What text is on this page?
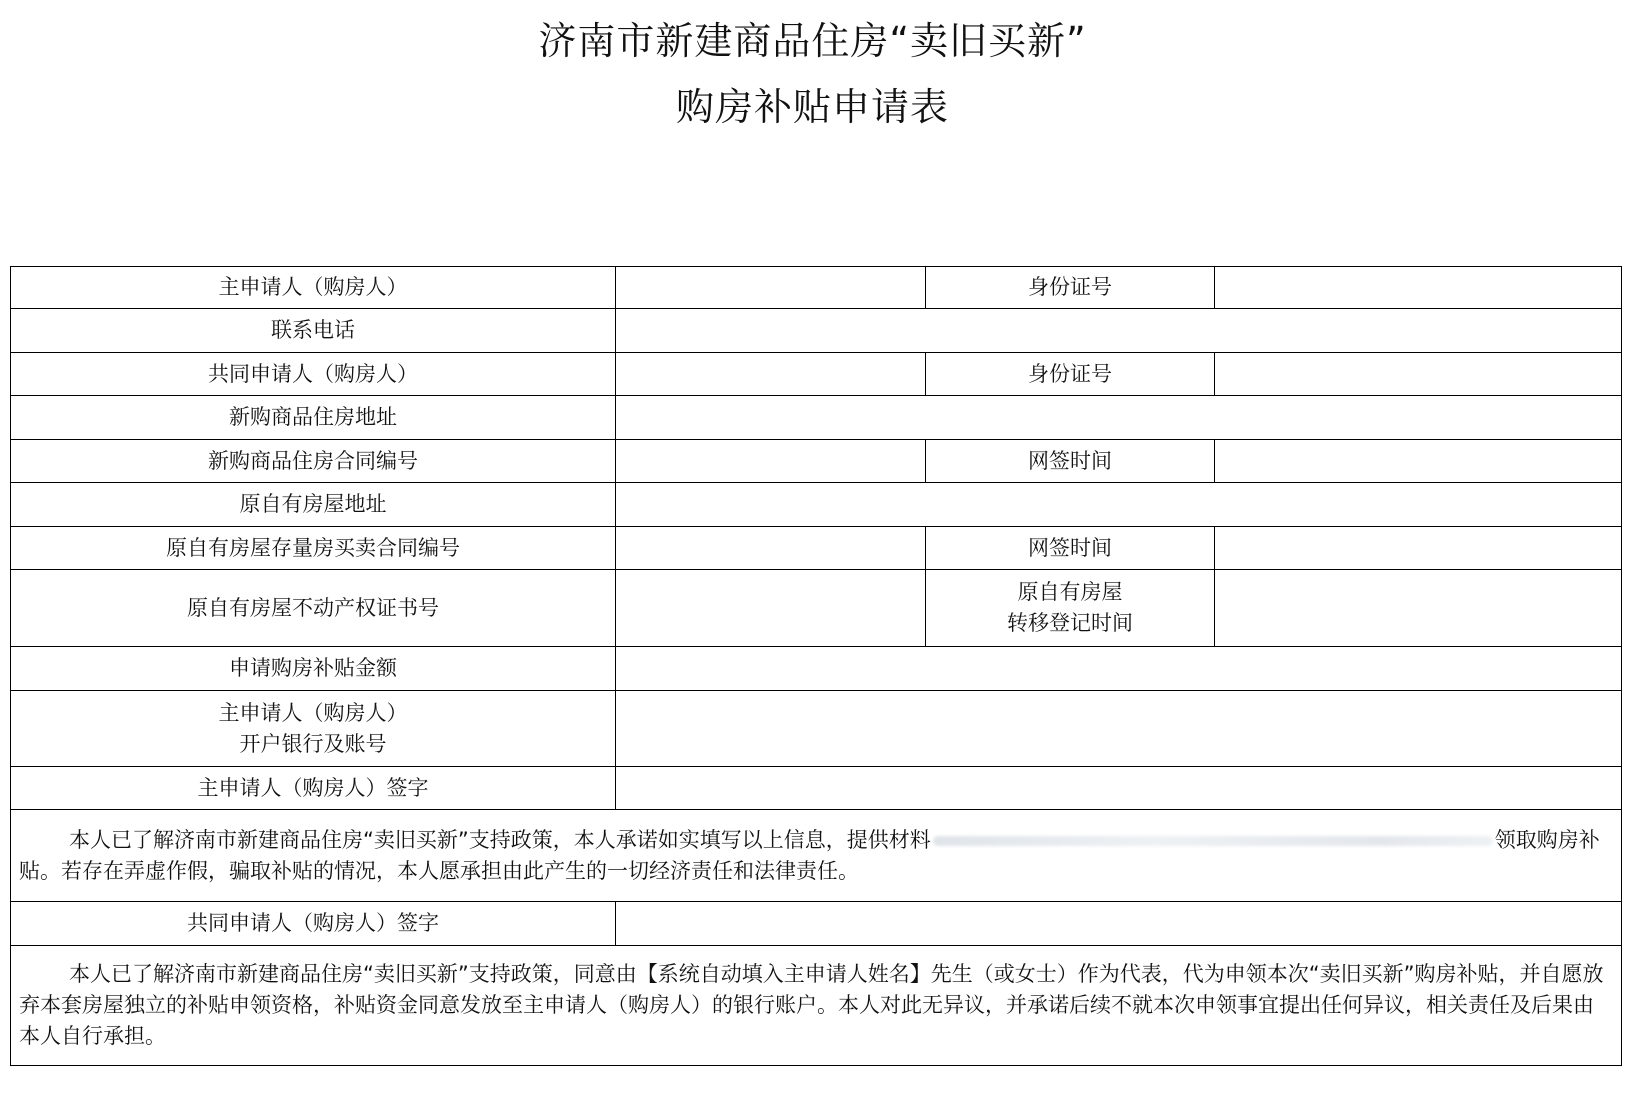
济南市新建商品住房“卖旧买新”
购房补贴申请表
主申请人（购房人）		身份证号	
联系电话			
共同申请人（购房人）		身份证号	
新购商品住房地址			
新购商品住房合同编号		网签时间	
原自有房屋地址			
原自有房屋存量房买卖合同编号		网签时间	
原自有房屋不动产权证书号		原自有房屋
转移登记时间	
申请购房补贴金额			
主申请人（购房人）
开户银行及账号			
主申请人（购房人）签字			
本人已了解济南市新建商品住房“卖旧买新”支持政策，本人承诺如实填写以上信息，提供材料 领取购房补贴。若存在弄虚作假，骗取补贴的情况，本人愿承担由此产生的一切经济责任和法律责任。			
共同申请人（购房人）签字			
本人已了解济南市新建商品住房“卖旧买新”支持政策，同意由【系统自动填入主申请人姓名】先生（或女士）作为代表，代为申领本次“卖旧买新”购房补贴，并自愿放弃本套房屋独立的补贴申领资格，补贴资金同意发放至主申请人（购房人）的银行账户。本人对此无异议，并承诺后续不就本次申领事宜提出任何异议，相关责任及后果由本人自行承担。			
